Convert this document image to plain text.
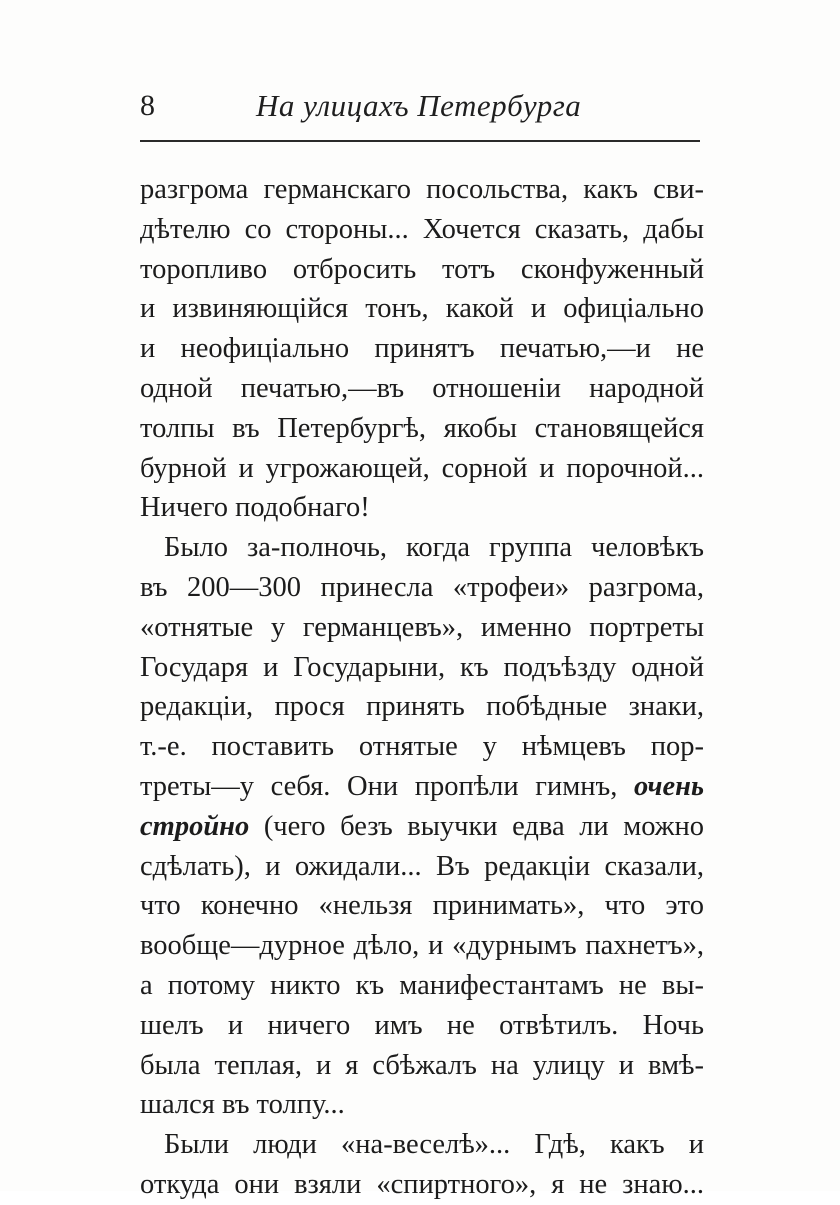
8	На улицахъ Петербурга
разгрома германскаго посольства, какъ сви-
дѣтелю со стороны... Хочется сказать, дабы
торопливо отбросить тотъ сконфуженный
и извиняющійся тонъ, какой и офиціально
и неофиціально принятъ печатью,—и не
одной печатью,—въ отношеніи народной
толпы въ Петербургѣ, якобы становящейся
бурной и угрожающей, сорной и порочной...
Ничего подобнаго!
Было за-полночь, когда группа человѣкъ
въ 200—300 принесла «трофеи» разгрома,
«отнятые у германцевъ», именно портреты
Государя и Государыни, къ подъѣзду одной
редакціи, прося принять побѣдные знаки,
т.-е. поставить отнятые у нѣмцевъ пор-
треты—у себя. Они пропѣли гимнъ, очень
стройно (чего безъ выучки едва ли можно
сдѣлать), и ожидали... Въ редакціи сказали,
что конечно «нельзя принимать», что это
вообще—дурное дѣло, и «дурнымъ пахнетъ»,
а потому никто къ манифестантамъ не вы-
шелъ и ничего имъ не отвѣтилъ. Ночь
была теплая, и я сбѣжалъ на улицу и вмѣ-
шался въ толпу...
Были люди «на-веселѣ»... Гдѣ, какъ и
откуда они взяли «спиртного», я не знаю...
